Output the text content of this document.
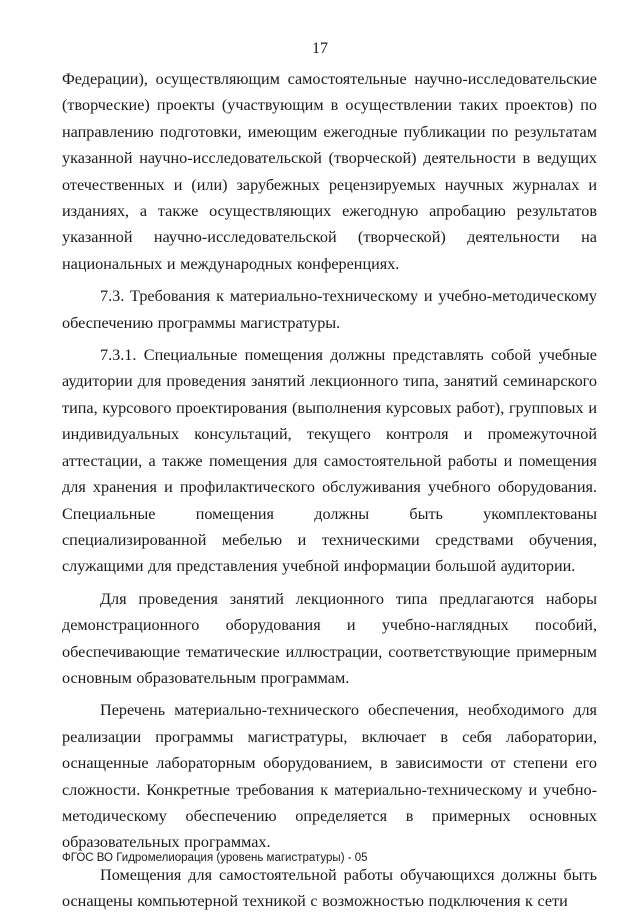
17

Федерации), осуществляющим самостоятельные научно-исследовательские (творческие) проекты (участвующим в осуществлении таких проектов) по направлению подготовки, имеющим ежегодные публикации по результатам указанной научно-исследовательской (творческой) деятельности в ведущих отечественных и (или) зарубежных рецензируемых научных журналах и изданиях, а также осуществляющих ежегодную апробацию результатов указанной научно-исследовательской (творческой) деятельности на национальных и международных конференциях.

7.3. Требования к материально-техническому и учебно-методическому обеспечению программы магистратуры.

7.3.1. Специальные помещения должны представлять собой учебные аудитории для проведения занятий лекционного типа, занятий семинарского типа, курсового проектирования (выполнения курсовых работ), групповых и индивидуальных консультаций, текущего контроля и промежуточной аттестации, а также помещения для самостоятельной работы и помещения для хранения и профилактического обслуживания учебного оборудования. Специальные помещения должны быть укомплектованы специализированной мебелью и техническими средствами обучения, служащими для представления учебной информации большой аудитории.

Для проведения занятий лекционного типа предлагаются наборы демонстрационного оборудования и учебно-наглядных пособий, обеспечивающие тематические иллюстрации, соответствующие примерным основным образовательным программам.

Перечень материально-технического обеспечения, необходимого для реализации программы магистратуры, включает в себя лаборатории, оснащенные лабораторным оборудованием, в зависимости от степени его сложности. Конкретные требования к материально-техническому и учебно-методическому обеспечению определяется в примерных основных образовательных программах.

Помещения для самостоятельной работы обучающихся должны быть оснащены компьютерной техникой с возможностью подключения к сети

ФГОС ВО Гидромелиорация (уровень магистратуры) - 05
